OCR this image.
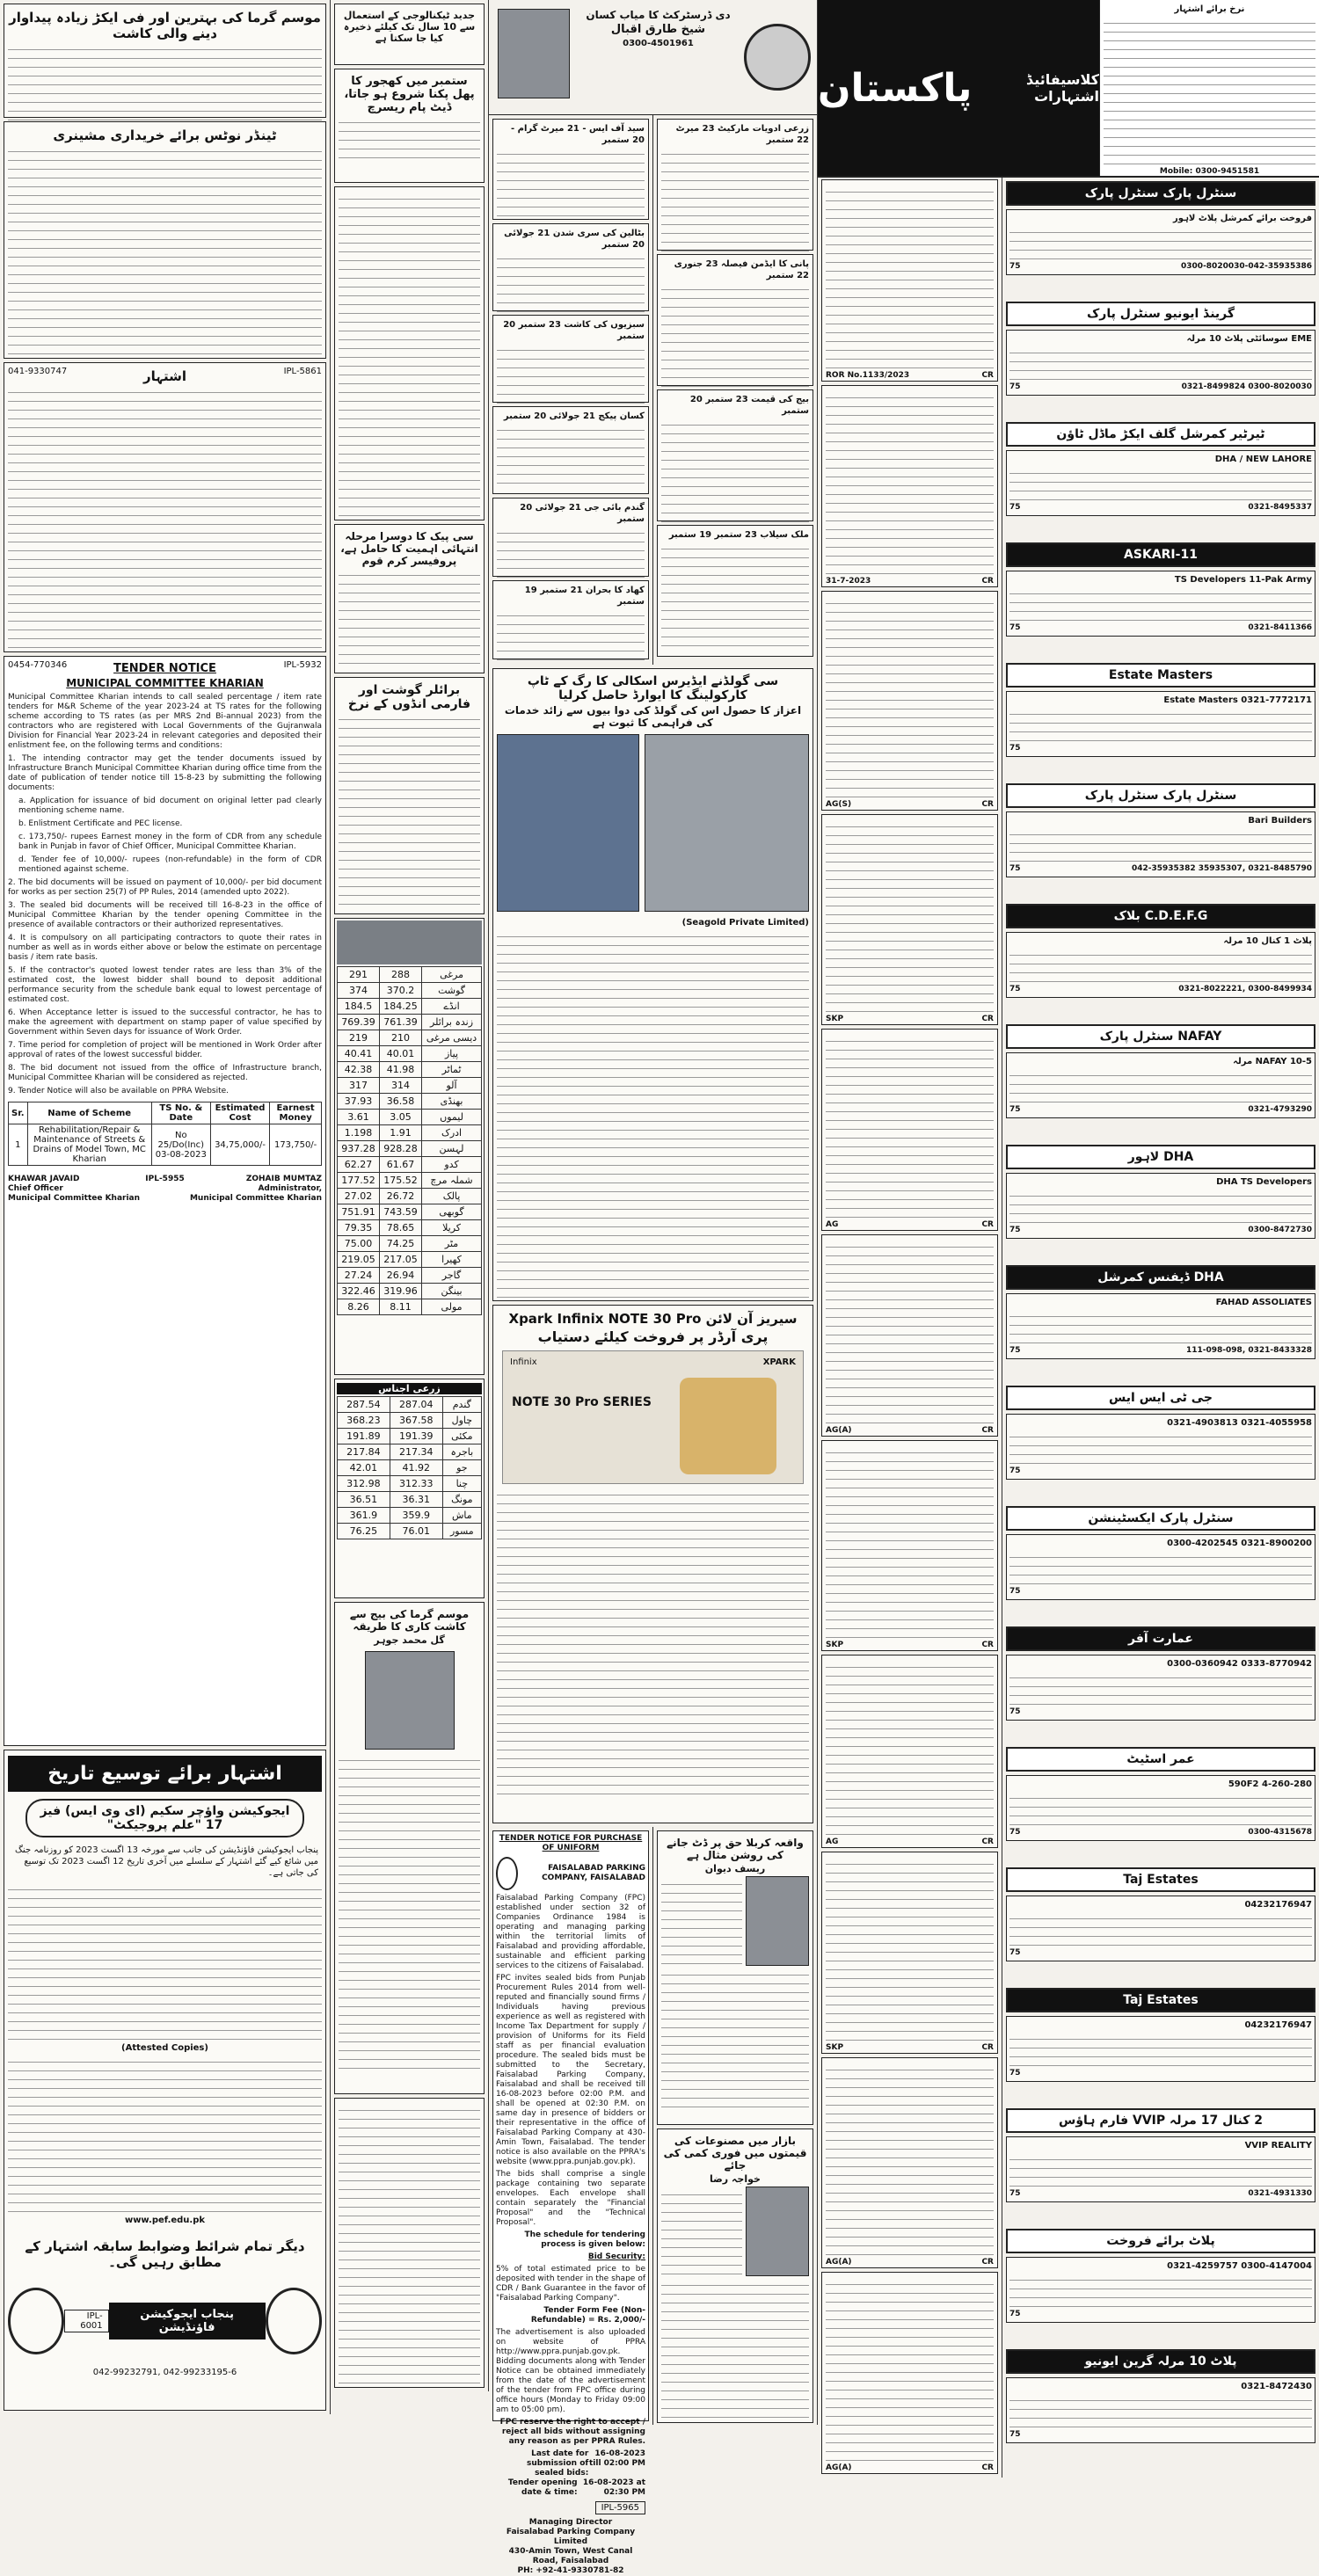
موسم گرما کی بہترین اور فی ایکڑ زیادہ پیداوار دینے والی کاشت
ٹینڈر نوٹس برائے خریداری مشینری
041-9330747	IPL-5861
اشتہار
0454-770346	IPL-5932
TENDER NOTICE
MUNICIPAL COMMITTEE KHARIAN
Municipal Committee Kharian intends to call sealed percentage / item rate tenders for M&R Scheme of the year 2023-24 at TS rates for the following scheme according to TS rates (as per MRS 2nd Bi-annual 2023) from the contractors who are registered with Local Governments of the Gujranwala Division for Financial Year 2023-24 in relevant categories and deposited their enlistment fee, on the following terms and conditions:
1. The intending contractor may get the tender documents issued by Infrastructure Branch Municipal Committee Kharian during office time from the date of publication of tender notice till 15-8-23 by submitting the following documents:
a. Application for issuance of bid document on original letter pad clearly mentioning scheme name.
b. Enlistment Certificate and PEC license.
c. 173,750/- rupees Earnest money in the form of CDR from any schedule bank in Punjab in favor of Chief Officer, Municipal Committee Kharian.
d. Tender fee of 10,000/- rupees (non-refundable) in the form of CDR mentioned against scheme.
2. The bid documents will be issued on payment of 10,000/- per bid document for works as per section 25(7) of PP Rules, 2014 (amended upto 2022).
3. The sealed bid documents will be received till 16-8-23 in the office of Municipal Committee Kharian by the tender opening Committee in the presence of available contractors or their authorized representatives.
4. It is compulsory on all participating contractors to quote their rates in number as well as in words either above or below the estimate on percentage basis / item rate basis.
5. If the contractor's quoted lowest tender rates are less than 3% of the estimated cost, the lowest bidder shall bound to deposit additional performance security from the schedule bank equal to lowest percentage of estimated cost.
6. When Acceptance letter is issued to the successful contractor, he has to make the agreement with department on stamp paper of value specified by Government within Seven days for issuance of Work Order.
7. Time period for completion of project will be mentioned in Work Order after approval of rates of the lowest successful bidder.
8. The bid document not issued from the office of Infrastructure branch, Municipal Committee Kharian will be considered as rejected.
9. Tender Notice will also be available on PPRA Website.
Sr.	Name of Scheme	TS No. & Date	Estimated Cost	Earnest Money
1	Rehabilitation/Repair & Maintenance of Streets & Drains of Model Town, MC Kharian	No 25/Do(Inc) 03-08-2023	34,75,000/-	173,750/-
KHAWAR JAVAID
Chief Officer
Municipal Committee Kharian
IPL-5955	ZOHAIB MUMTAZ
Administrator,
Municipal Committee Kharian
اشتہار برائے توسیع تاریخ
ایجوکیشن واؤچر سکیم (ای وی ایس) فیز 17 "علم پروجیکٹ"
پنجاب ایجوکیشن فاؤنڈیشن کی جانب سے مورخہ 13 اگست 2023 کو روزنامہ جنگ میں شائع کیے گئے اشتہار کے سلسلے میں آخری تاریخ 12 اگست 2023 تک توسیع کی جاتی ہے۔
(Attested Copies)
www.pef.edu.pk
دیگر تمام شرائط وضوابط سابقہ اشتہار کے مطابق رہیں گی۔
IPL-6001
پنجاب ایجوکیشن فاؤنڈیشن
042-99232791, 042-99233195-6
جدید ٹیکنالوجی کے استعمال سے 10 سال تک کیلئے ذخیرہ کیا جا سکتا ہے
ستمبر میں کھجور کا پھل پکنا شروع ہو جاتا، ڈیٹ پام ریسرچ
سی پیک کا دوسرا مرحلہ انتہائی اہمیت کا حامل ہے، پروفیسر کرم قوم
برائلر گوشت اور فارمی انڈوں کے نرخ
291	288	مرغی
374	370.2	گوشت
184.5	184.25	انڈے
769.39	761.39	زندہ برائلر
219	210	دیسی مرغی
40.41	40.01	پیاز
42.38	41.98	ٹماٹر
317	314	آلو
37.93	36.58	بھنڈی
3.61	3.05	لیموں
1.198	1.91	ادرک
937.28	928.28	لہسن
62.27	61.67	کدو
177.52	175.52	شملہ مرچ
27.02	26.72	پالک
751.91	743.59	گوبھی
79.35	78.65	کریلا
75.00	74.25	مٹر
219.05	217.05	کھیرا
27.24	26.94	گاجر
322.46	319.96	بینگن
8.26	8.11	مولی
زرعی اجناس
287.54	287.04	گندم
368.23	367.58	چاول
191.89	191.39	مکئی
217.84	217.34	باجرہ
42.01	41.92	جو
312.98	312.33	چنا
36.51	36.31	مونگ
361.9	359.9	ماش
76.25	76.01	مسور
موسم گرما کی بیج سے کاشت کاری کا طریقہ
گل محمد جوہر
دی ڈرسٹرکٹ کا میاب کسان
شیخ طارق اقبال
0300-4501961
زرعی ادویات مارکیٹ 23 میرٹ 22 ستمبر
پانی کا ایڈمن فیصلہ 23 جنوری 22 ستمبر
بیج کی قیمت 23 ستمبر 20 ستمبر
ملک سیلاب 23 ستمبر 19 ستمبر
سید آف ایس - 21 میرٹ گرام - 20 ستمبر
بٹالین کی سری شدن 21 جولائی 20 ستمبر
سبزیوں کی کاشت 23 ستمبر 20 ستمبر
کسان پیکج 21 جولائی 20 ستمبر
گندم بائی جی 21 جولائی 20 ستمبر
کھاد کا بحران 21 ستمبر 19 ستمبر
سی گولڈنے ایڈیرس اسکالی کا رگ کے ٹاپ کارکولینگ کا ایوارڈ حاصل کرلیا
اعزاز کا حصول اس کی گولڈ کی دوا بیوں سے زائد خدمات کی فراہمی کا ثبوت ہے
(Seagold Private Limited)
Xpark Infinix NOTE 30 Pro سیریز آن لائن
پری آرڈر پر فروخت کیلئے دستیاب
Infinix	XPARK
NOTE 30 Pro SERIES
TENDER NOTICE FOR PURCHASE OF UNIFORM
FAISALABAD PARKING COMPANY, FAISALABAD
Faisalabad Parking Company (FPC) established under section 32 of Companies Ordinance 1984 is operating and managing parking within the territorial limits of Faisalabad and providing affordable, sustainable and efficient parking services to the citizens of Faisalabad.
FPC invites sealed bids from Punjab Procurement Rules 2014 from well-reputed and financially sound firms / Individuals having previous experience as well as registered with Income Tax Department for supply / provision of Uniforms for its Field staff as per financial evaluation procedure. The sealed bids must be submitted to the Secretary, Faisalabad Parking Company, Faisalabad and shall be received till 16-08-2023 before 02:00 P.M. and shall be opened at 02:30 P.M. on same day in presence of bidders or their representative in the office of Faisalabad Parking Company at 430-Amin Town, Faisalabad. The tender notice is also available on the PPRA's website (www.ppra.punjab.gov.pk).
The bids shall comprise a single package containing two separate envelopes. Each envelope shall contain separately the "Financial Proposal" and the "Technical Proposal".
The schedule for tendering process is given below:
Bid Security:
5% of total estimated price to be deposited with tender in the shape of CDR / Bank Guarantee in the favor of "Faisalabad Parking Company".
Tender Form Fee (Non-Refundable) = Rs. 2,000/-
The advertisement is also uploaded on website of PPRA http://www.ppra.punjab.gov.pk. Bidding documents along with Tender Notice can be obtained immediately from the date of the advertisement of the tender from FPC office during office hours (Monday to Friday 09:00 am to 05:00 pm).
FPC reserve the right to accept / reject all bids without assigning any reason as per PPRA Rules.
Last date for submission of sealed bids:
16-08-2023 till 02:00 PM
Tender opening date & time:
16-08-2023 at 02:30 PM
IPL-5965
Managing Director
Faisalabad Parking Company Limited
430-Amin Town, West Canal Road, Faisalabad
PH: +92-41-9330781-82
واقعہ کربلا حق پر ڈٹ جانے کی روشن مثال ہے
ریسف دیوان
بازار میں مصنوعات کی قیمتوں میں فوری کمی کی جائے
خواجہ رضا
ROR No.1133/2023	CR
31-7-2023	CR
AG(S)	CR
SKP	CR
AG	CR
AG(A)	CR
SKP	CR
AG	CR
SKP	CR
AG(A)	CR
AG(A)	CR
پاکستان	کلاسیفائیڈ اشتہارات
نرخ برائے اشتہار
Mobile: 0300-9451581
سنٹرل پارک سنٹرل پارک
فروخت برائے کمرشل پلاٹ لاہور
75	0300-8020030-042-35935386
گرینڈ ایونیو سنٹرل پارک
EME سوسائٹی پلاٹ 10 مرلہ
75	0321-8499824 0300-8020030
ٹیرٹیر کمرشل گلف ایکڑ ماڈل ٹاؤن
DHA / NEW LAHORE
75	0321-8495337
ASKARI-11
TS Developers 11-Pak Army
75	0321-8411366
Estate Masters
Estate Masters 0321-7772171
75
سنٹرل پارک سنٹرل پارک
Bari Builders
75	042-35935382 35935307, 0321-8485790
C.D.E.F.G بلاک
پلاٹ 1 کنال 10 مرلہ
75	0321-8022221, 0300-8499934
NAFAY سنٹرل پارک
NAFAY 10-5 مرلہ
75	0321-4793290
DHA لاہور
DHA TS Developers
75	0300-8472730
DHA ڈیفنس کمرشل
FAHAD ASSOLIATES
75	111-098-098, 0321-8433328
جی ٹی ایس ایس
0321-4055958 0321-4903813
75
سنٹرل پارک ایکسٹینشن
0321-8900200 0300-4202545
75
عمارت آفر
0333-8770942 0300-0360942
75
عمر اسٹیٹ
590F2 4-260-280
75	0300-4315678
Taj Estates
04232176947
75
Taj Estates
04232176947
75
2 کنال 17 مرلہ VVIP فارم ہاؤس
VVIP REALITY
75	0321-4931330
پلاٹ برائے فروخت
0300-4147004 0321-4259757
75
پلاٹ 10 مرلہ گرین ایونیو
0321-8472430
75
